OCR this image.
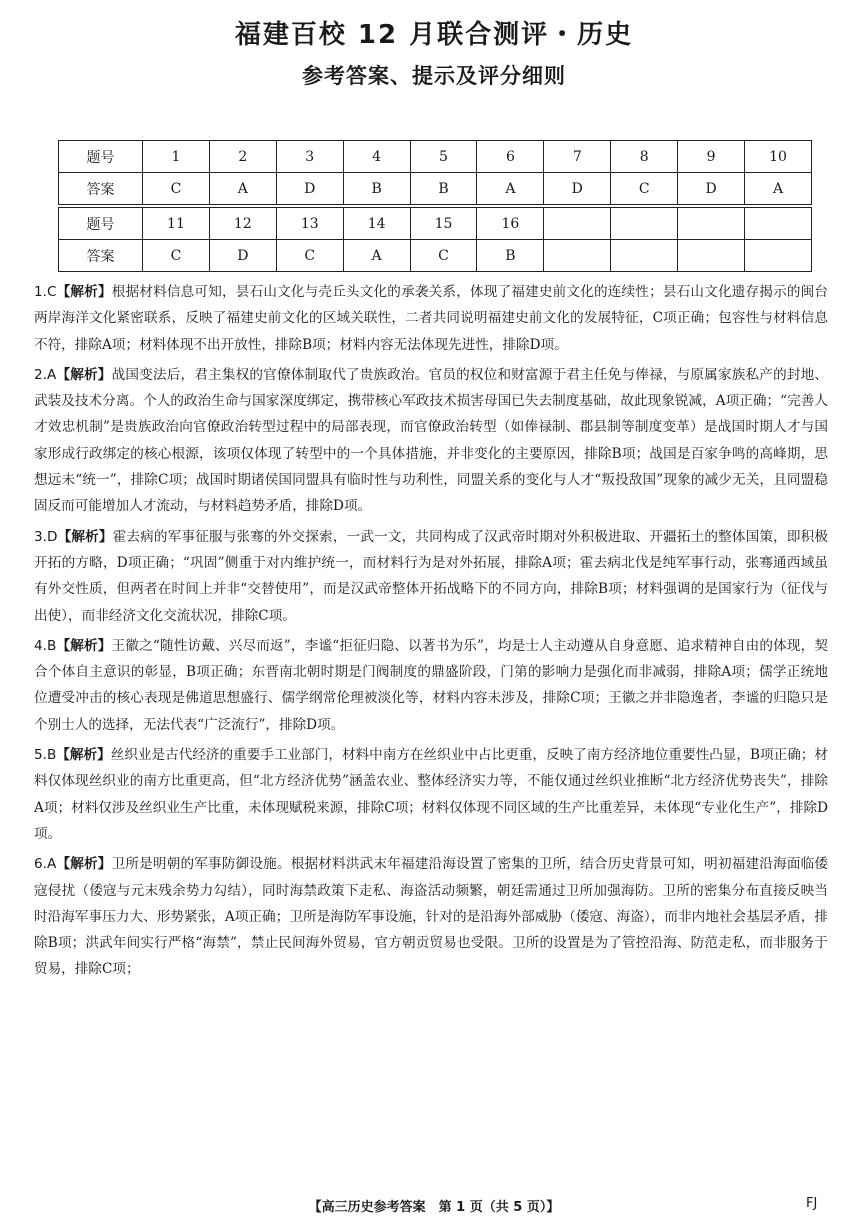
福建百校 12 月联合测评・历史
参考答案、提示及评分细则
题号	1	2	3	4	5	6	7	8	9	10
答案	C	A	D	B	B	A	D	C	D	A
题号	11	12	13	14	15	16				
答案	C	D	C	A	C	B				

1.C【解析】根据材料信息可知，昙石山文化与壳丘头文化的承袭关系，体现了福建史前文化的连续性；昙石山文化遗存揭示的闽台两岸海洋文化紧密联系，反映了福建史前文化的区域关联性，二者共同说明福建史前文化的发展特征，C项正确；包容性与材料信息不符，排除A项；材料体现不出开放性，排除B项；材料内容无法体现先进性，排除D项。

2.A【解析】战国变法后，君主集权的官僚体制取代了贵族政治。官员的权位和财富源于君主任免与俸禄，与原属家族私产的封地、武装及技术分离。个人的政治生命与国家深度绑定，携带核心军政技术损害母国已失去制度基础，故此现象锐减，A项正确；“完善人才效忠机制”是贵族政治向官僚政治转型过程中的局部表现，而官僚政治转型（如俸禄制、郡县制等制度变革）是战国时期人才与国家形成行政绑定的核心根源，该项仅体现了转型中的一个具体措施，并非变化的主要原因，排除B项；战国是百家争鸣的高峰期，思想远未“统一”，排除C项；战国时期诸侯国同盟具有临时性与功利性，同盟关系的变化与人才“叛投敌国”现象的减少无关，且同盟稳固反而可能增加人才流动，与材料趋势矛盾，排除D项。

3.D【解析】霍去病的军事征服与张骞的外交探索，一武一文，共同构成了汉武帝时期对外积极进取、开疆拓土的整体国策，即积极开拓的方略，D项正确；“巩固”侧重于对内维护统一，而材料行为是对外拓展，排除A项；霍去病北伐是纯军事行动，张骞通西域虽有外交性质，但两者在时间上并非“交替使用”，而是汉武帝整体开拓战略下的不同方向，排除B项；材料强调的是国家行为（征伐与出使），而非经济文化交流状况，排除C项。

4.B【解析】王徽之“随性访戴、兴尽而返”，李谧“拒征归隐、以著书为乐”，均是士人主动遵从自身意愿、追求精神自由的体现，契合个体自主意识的彰显，B项正确；东晋南北朝时期是门阀制度的鼎盛阶段，门第的影响力是强化而非减弱，排除A项；儒学正统地位遭受冲击的核心表现是佛道思想盛行、儒学纲常伦理被淡化等，材料内容未涉及，排除C项；王徽之并非隐逸者，李谧的归隐只是个别士人的选择，无法代表“广泛流行”，排除D项。

5.B【解析】丝织业是古代经济的重要手工业部门，材料中南方在丝织业中占比更重，反映了南方经济地位重要性凸显，B项正确；材料仅体现丝织业的南方比重更高，但“北方经济优势”涵盖农业、整体经济实力等，不能仅通过丝织业推断“北方经济优势丧失”，排除A项；材料仅涉及丝织业生产比重，未体现赋税来源，排除C项；材料仅体现不同区域的生产比重差异，未体现“专业化生产”，排除D项。

6.A【解析】卫所是明朝的军事防御设施。根据材料洪武末年福建沿海设置了密集的卫所，结合历史背景可知，明初福建沿海面临倭寇侵扰（倭寇与元末残余势力勾结），同时海禁政策下走私、海盗活动频繁，朝廷需通过卫所加强海防。卫所的密集分布直接反映当时沿海军事压力大、形势紧张，A项正确；卫所是海防军事设施，针对的是沿海外部威胁（倭寇、海盗），而非内地社会基层矛盾，排除B项；洪武年间实行严格“海禁”，禁止民间海外贸易，官方朝贡贸易也受限。卫所的设置是为了管控沿海、防范走私，而非服务于贸易，排除C项；

【高三历史参考答案　第 1 页（共 5 页）】	FJ
